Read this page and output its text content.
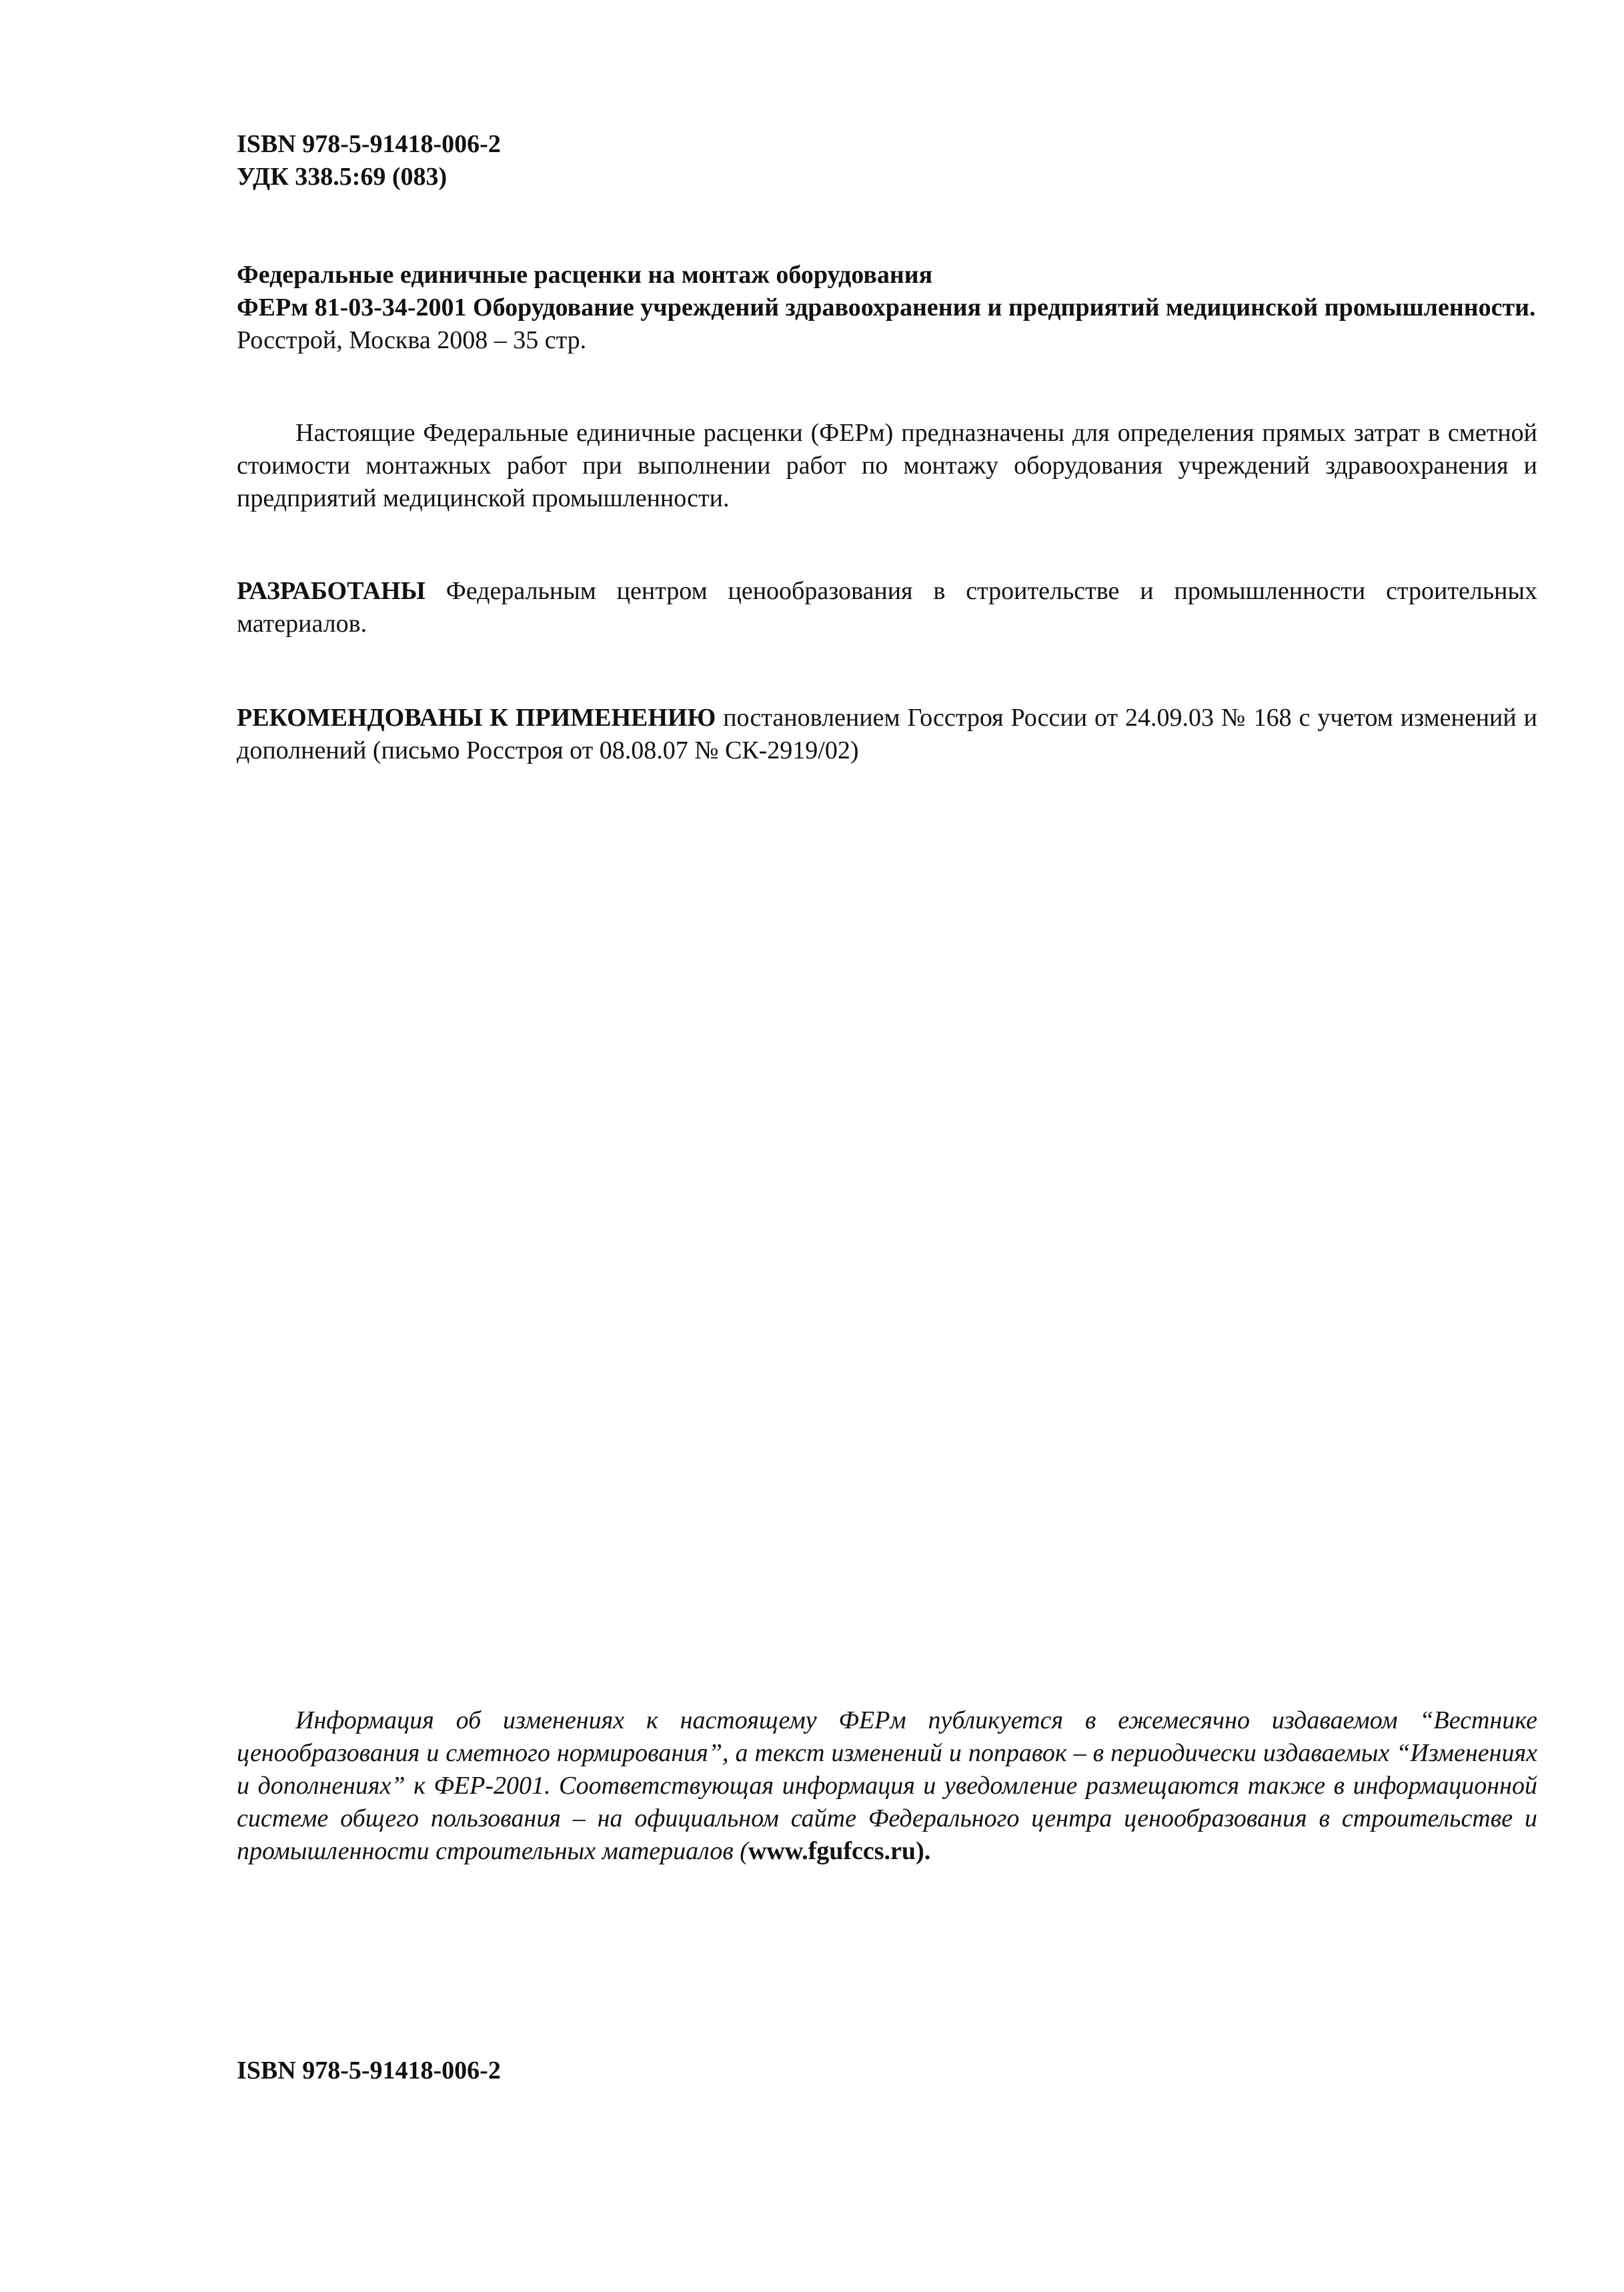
ISBN 978-5-91418-006-2
УДК 338.5:69 (083)
Федеральные единичные расценки на монтаж оборудования
ФЕРм 81-03-34-2001 Оборудование учреждений здравоохранения и предприятий медицинской промышленности.
Росстрой, Москва 2008 – 35 стр.

Настоящие Федеральные единичные расценки (ФЕРм) предназначены для определения прямых затрат в сметной стоимости монтажных работ при выполнении работ по монтажу оборудования учреждений здравоохранения и предприятий медицинской промышленности.

РАЗРАБОТАНЫ Федеральным центром ценообразования в строительстве и промышленности строительных материалов.

РЕКОМЕНДОВАНЫ К ПРИМЕНЕНИЮ постановлением Госстроя России от 24.09.03 № 168 с учетом изменений и дополнений (письмо Росстроя от 08.08.07 № СК-2919/02)

Информация об изменениях к настоящему ФЕРм публикуется в ежемесячно издаваемом “Вестнике ценообразования и сметного нормирования”, а текст изменений и поправок – в периодически издаваемых “Изменениях и дополнениях” к ФЕР-2001. Соответствующая информация и уведомление размещаются также в информационной системе общего пользования – на официальном сайте Федерального центра ценообразования в строительстве и промышленности строительных материалов (www.fgufccs.ru).

ISBN 978-5-91418-006-2
